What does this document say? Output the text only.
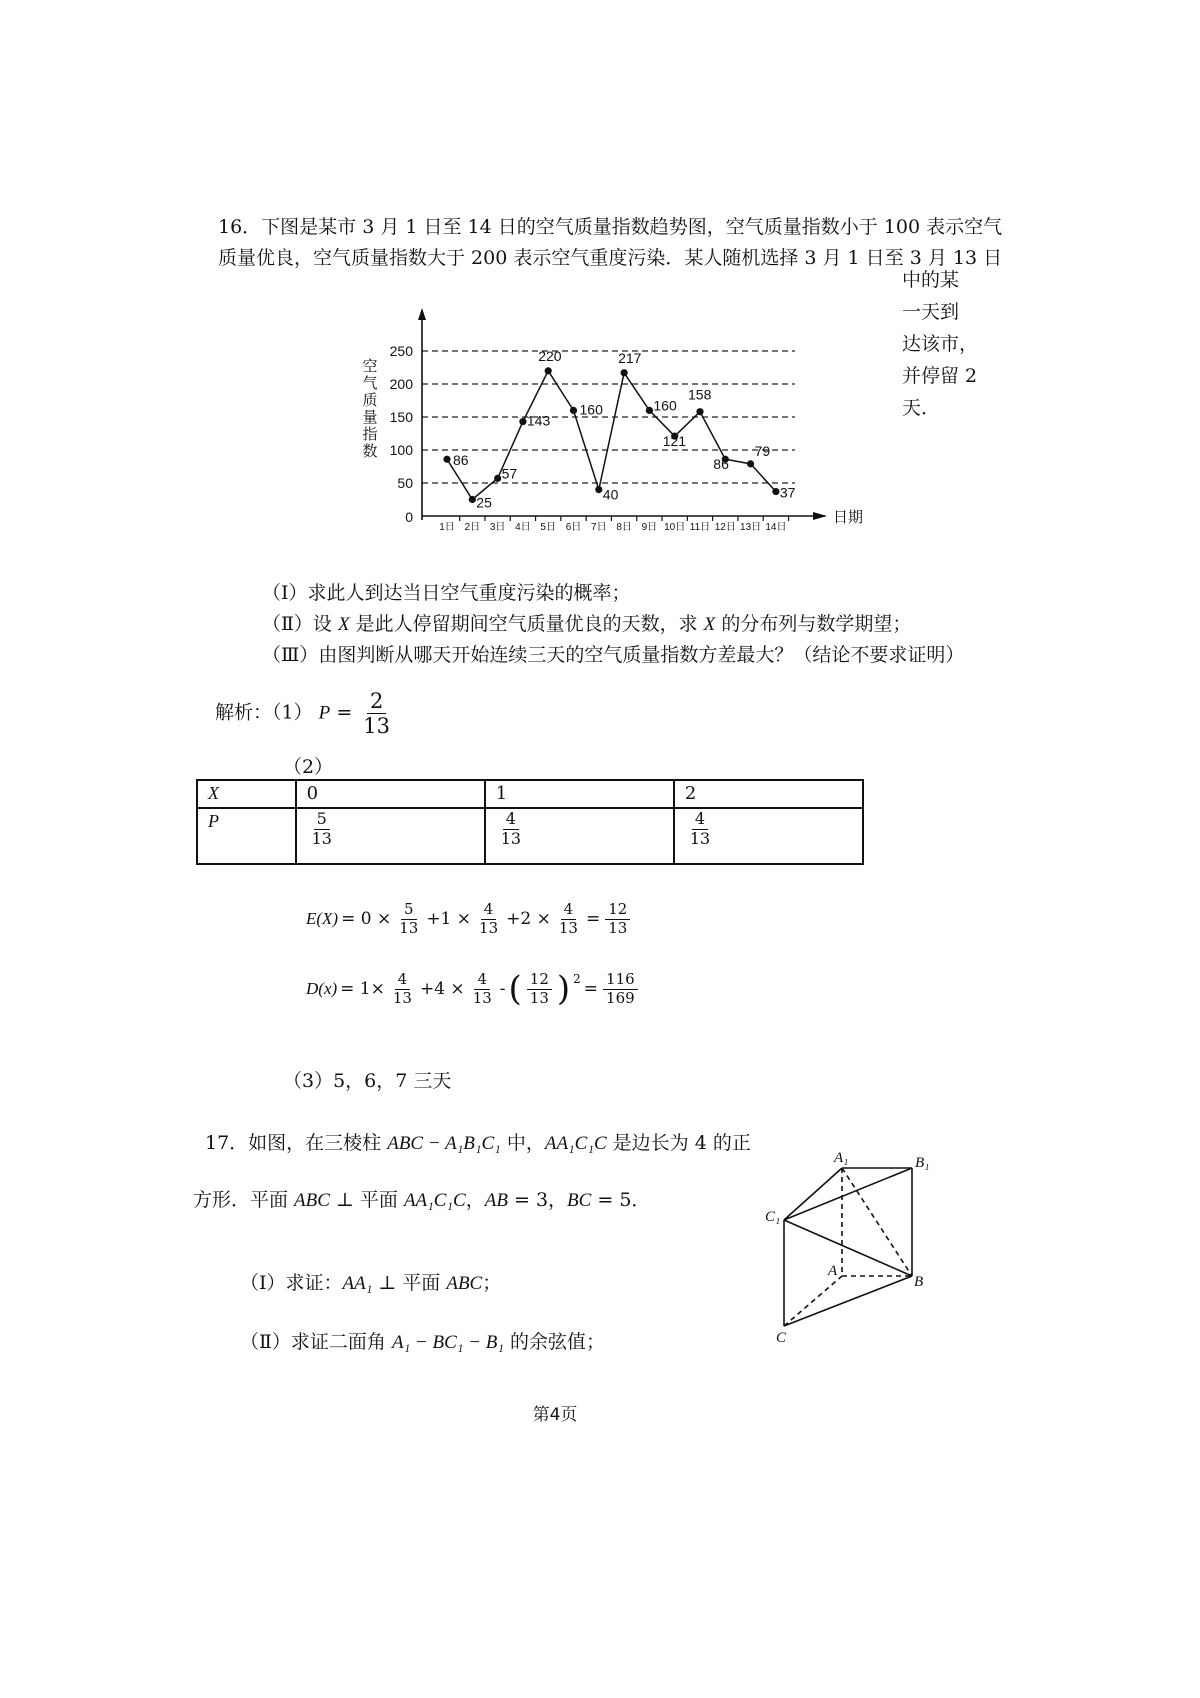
16．下图是某市 3 月 1 日至 14 日的空气质量指数趋势图，空气质量指数小于 100 表示空气
质量优良，空气质量指数大于 200 表示空气重度污染．某人随机选择 3 月 1 日至 3 月 13 日
中的某
一天到
达该市，
并停留 2
天．
0
50
100
150
200
250
1日 2日 3日 4日 5日 6日 7日 8日 9日 10日 11日 12日 13日 14日
86
25
57
143
220
160
40
217
160
121
158
86
79
37
空气质量指数
日期
（Ⅰ）求此人到达当日空气重度污染的概率；
（Ⅱ）设 X 是此人停留期间空气质量优良的天数，求 X 的分布列与数学期望；
（Ⅲ）由图判断从哪天开始连续三天的空气质量指数方差最大？（结论不要求证明）
解析：（1） $P = \frac{2}{13}$
（2）
X	0	1	2
P	$\frac{5}{13}$	$\frac{4}{13}$	$\frac{4}{13}$
$E(X) = 0 \times \frac{5}{13} +1 \times \frac{4}{13} +2 \times \frac{4}{13} = \frac{12}{13}$
$D(x) = 1\times \frac{4}{13} +4 \times \frac{4}{13}$ - ( $\frac{12}{13}$ ) $^2$
= $\frac{116}{169}$
（3）5，6，7 三天
17．如图，在三棱柱 ABC − A₁B₁C₁ 中，AA₁C₁C 是边长为 4 的正
方形．平面 ABC ⊥ 平面 AA₁C₁C，AB = 3，BC = 5．
（Ⅰ）求证：AA₁ ⊥ 平面 ABC；
（Ⅱ）求证二面角 A₁ − BC₁ − B₁ 的余弦值；
A₁	B₁
C₁
A
B
C
第4页
